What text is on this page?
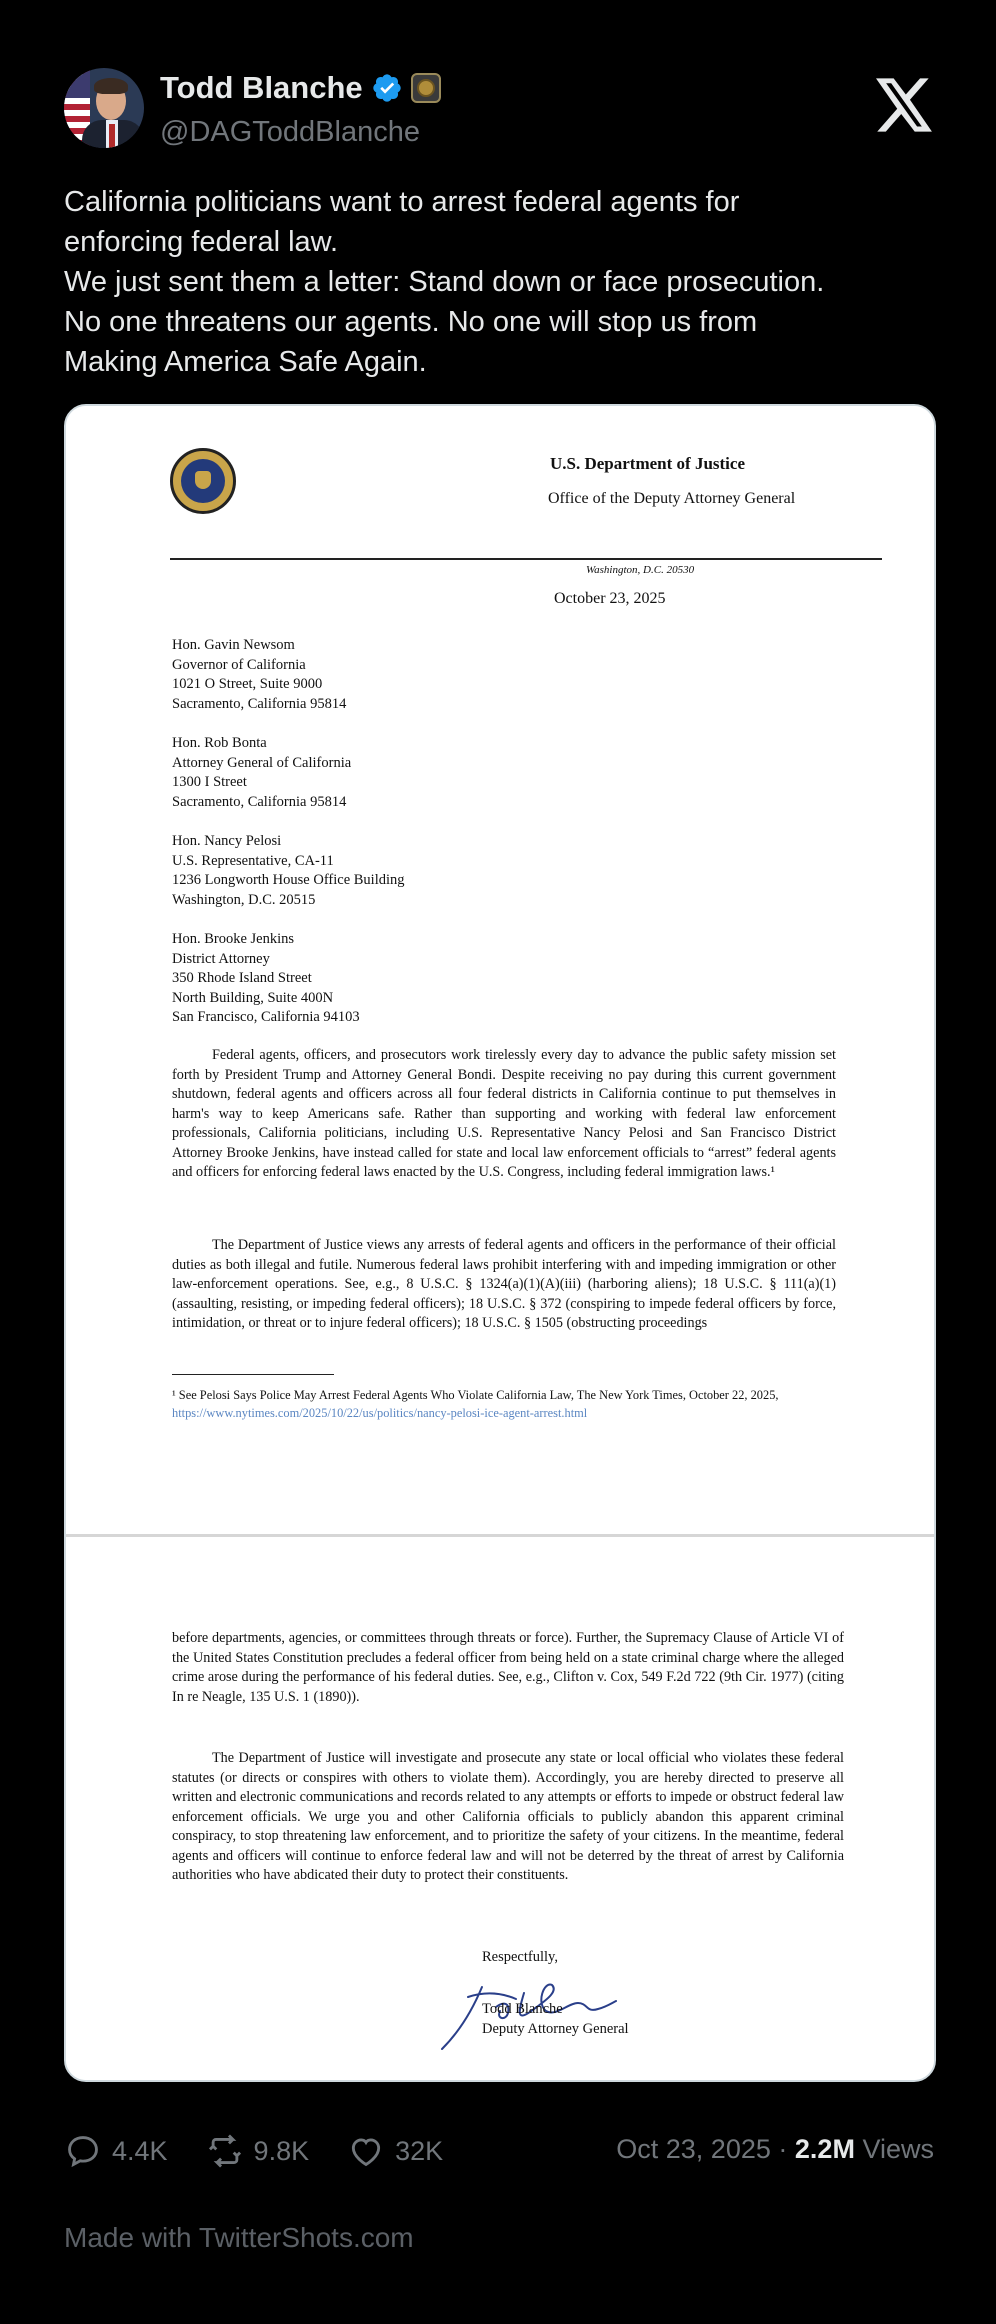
Todd Blanche
@DAGToddBlanche

California politicians want to arrest federal agents for

enforcing federal law.

We just sent them a letter: Stand down or face prosecution.

No one threatens our agents. No one will stop us from

Making America Safe Again.

U.S. Department of Justice
Office of the Deputy Attorney General
Washington, D.C. 20530
October 23, 2025
Hon. Gavin Newsom
Governor of California
1021 O Street, Suite 9000
Sacramento, California 95814
Hon. Rob Bonta
Attorney General of California
1300 I Street
Sacramento, California 95814
Hon. Nancy Pelosi
U.S. Representative, CA-11
1236 Longworth House Office Building
Washington, D.C. 20515
Hon. Brooke Jenkins
District Attorney
350 Rhode Island Street
North Building, Suite 400N
San Francisco, California 94103
Federal agents, officers, and prosecutors work tirelessly every day to advance the public safety mission set forth by President Trump and Attorney General Bondi. Despite receiving no pay during this current government shutdown, federal agents and officers across all four federal districts in California continue to put themselves in harm's way to keep Americans safe. Rather than supporting and working with federal law enforcement professionals, California politicians, including U.S. Representative Nancy Pelosi and San Francisco District Attorney Brooke Jenkins, have instead called for state and local law enforcement officials to “arrest” federal agents and officers for enforcing federal laws enacted by the U.S. Congress, including federal immigration laws.¹
The Department of Justice views any arrests of federal agents and officers in the performance of their official duties as both illegal and futile. Numerous federal laws prohibit interfering with and impeding immigration or other law-enforcement operations. See, e.g., 8 U.S.C. § 1324(a)(1)(A)(iii) (harboring aliens); 18 U.S.C. § 111(a)(1) (assaulting, resisting, or impeding federal officers); 18 U.S.C. § 372 (conspiring to impede federal officers by force, intimidation, or threat or to injure federal officers); 18 U.S.C. § 1505 (obstructing proceedings
¹ See Pelosi Says Police May Arrest Federal Agents Who Violate California Law, The New York Times, October 22, 2025, https://www.nytimes.com/2025/10/22/us/politics/nancy-pelosi-ice-agent-arrest.html
before departments, agencies, or committees through threats or force). Further, the Supremacy Clause of Article VI of the United States Constitution precludes a federal officer from being held on a state criminal charge where the alleged crime arose during the performance of his federal duties. See, e.g., Clifton v. Cox, 549 F.2d 722 (9th Cir. 1977) (citing In re Neagle, 135 U.S. 1 (1890)).
The Department of Justice will investigate and prosecute any state or local official who violates these federal statutes (or directs or conspires with others to violate them). Accordingly, you are hereby directed to preserve all written and electronic communications and records related to any attempts or efforts to impede or obstruct federal law enforcement officials. We urge you and other California officials to publicly abandon this apparent criminal conspiracy, to stop threatening law enforcement, and to prioritize the safety of your citizens. In the meantime, federal agents and officers will continue to enforce federal law and will not be deterred by the threat of arrest by California authorities who have abdicated their duty to protect their constituents.
Respectfully,
Todd Blanche
Deputy Attorney General
4.4K	9.8K	32K	Oct 23, 2025 · 2.2M Views
Made with TwitterShots.com
